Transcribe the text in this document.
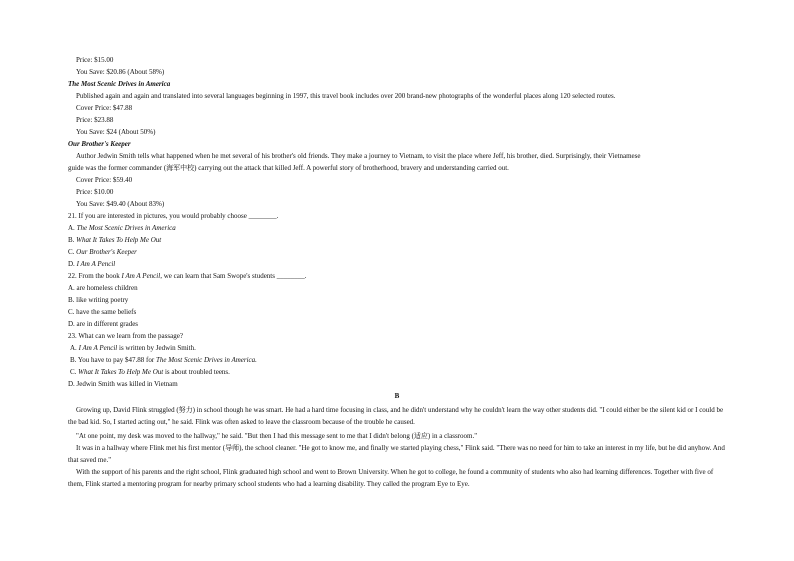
Price: $15.00
You Save: $20.86 (About 58%)
The Most Scenic Drives in America
Published again and again and translated into several languages beginning in 1997, this travel book includes over 200 brand-new photographs of the wonderful places along 120 selected routes.
Cover Price: $47.88
Price: $23.88
You Save: $24 (About 50%)
Our Brother's Keeper
Author Jedwin Smith tells what happened when he met several of his brother's old friends. They make a journey to Vietnam, to visit the place where Jeff, his brother, died. Surprisingly, their Vietnamese
guide was the former commander (海军中校) carrying out the attack that killed Jeff. A powerful story of brotherhood, bravery and understanding carried out.
Cover Price: $59.40
Price: $10.00
You Save: $49.40 (About 83%)
21. If you are interested in pictures, you would probably choose ________.
A. The Most Scenic Drives in America
B. What It Takes To Help Me Out
C. Our Brother's Keeper
D. I Am A Pencil
22. From the book I Am A Pencil, we can learn that Sam Swope's students ________.
A. are homeless children
B. like writing poetry
C. have the same beliefs
D. are in different grades
23. What can we learn from the passage?
A. I Am A Pencil is written by Jedwin Smith.
B. You have to pay $47.88 for The Most Scenic Drives in America.
C. What It Takes To Help Me Out is about troubled teens.
D. Jedwin Smith was killed in Vietnam
B
Growing up, David Flink struggled (努力) in school though he was smart. He had a hard time focusing in class, and he didn't understand why he couldn't learn the way other students did. "I could either be the silent kid or I could be the bad kid. So, I started acting out," he said. Flink was often asked to leave the classroom because of the trouble he caused.
"At one point, my desk was moved to the hallway," he said. "But then I had this message sent to me that I didn't belong (适应) in a classroom."
It was in a hallway where Flink met his first mentor (导师), the school cleaner. "He got to know me, and finally we started playing chess," Flink said. "There was no need for him to take an interest in my life, but he did anyhow. And that saved me."
With the support of his parents and the right school, Flink graduated high school and went to Brown University. When he got to college, he found a community of students who also had learning differences. Together with five of them, Flink started a mentoring program for nearby primary school students who had a learning disability. They called the program Eye to Eye.
